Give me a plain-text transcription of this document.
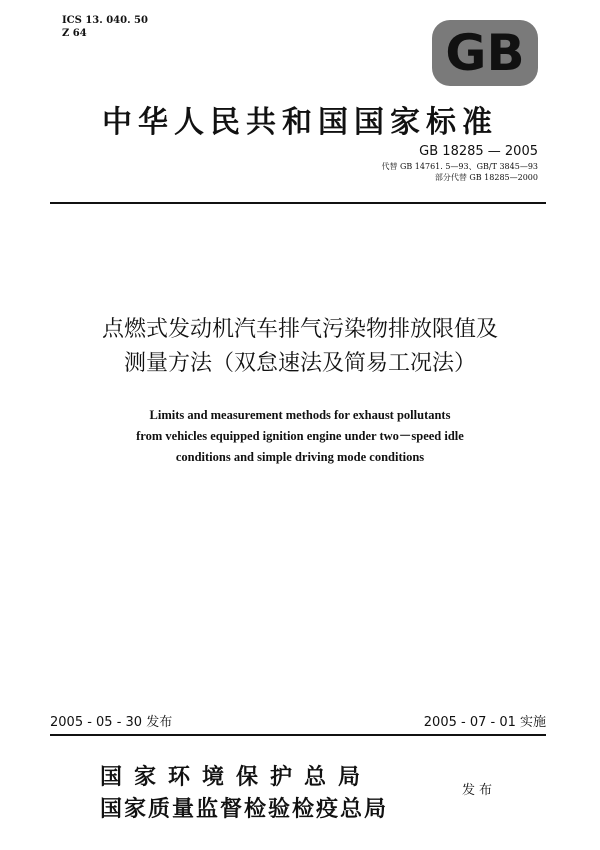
ICS 13. 040. 50
Z 64	GB
中华人民共和国国家标准
GB 18285 — 2005
代替 GB 14761. 5—93、GB/T 3845—93
部分代替 GB 18285—2000
点燃式发动机汽车排气污染物排放限值及
测量方法（双怠速法及简易工况法）
Limits and measurement methods for exhaust pollutants
from vehicles equipped ignition engine under two－speed idle
conditions and simple driving mode conditions
2005 - 05 - 30 发布	2005 - 07 - 01 实施
国家环境保护总局
国家质量监督检验检疫总局
发布
